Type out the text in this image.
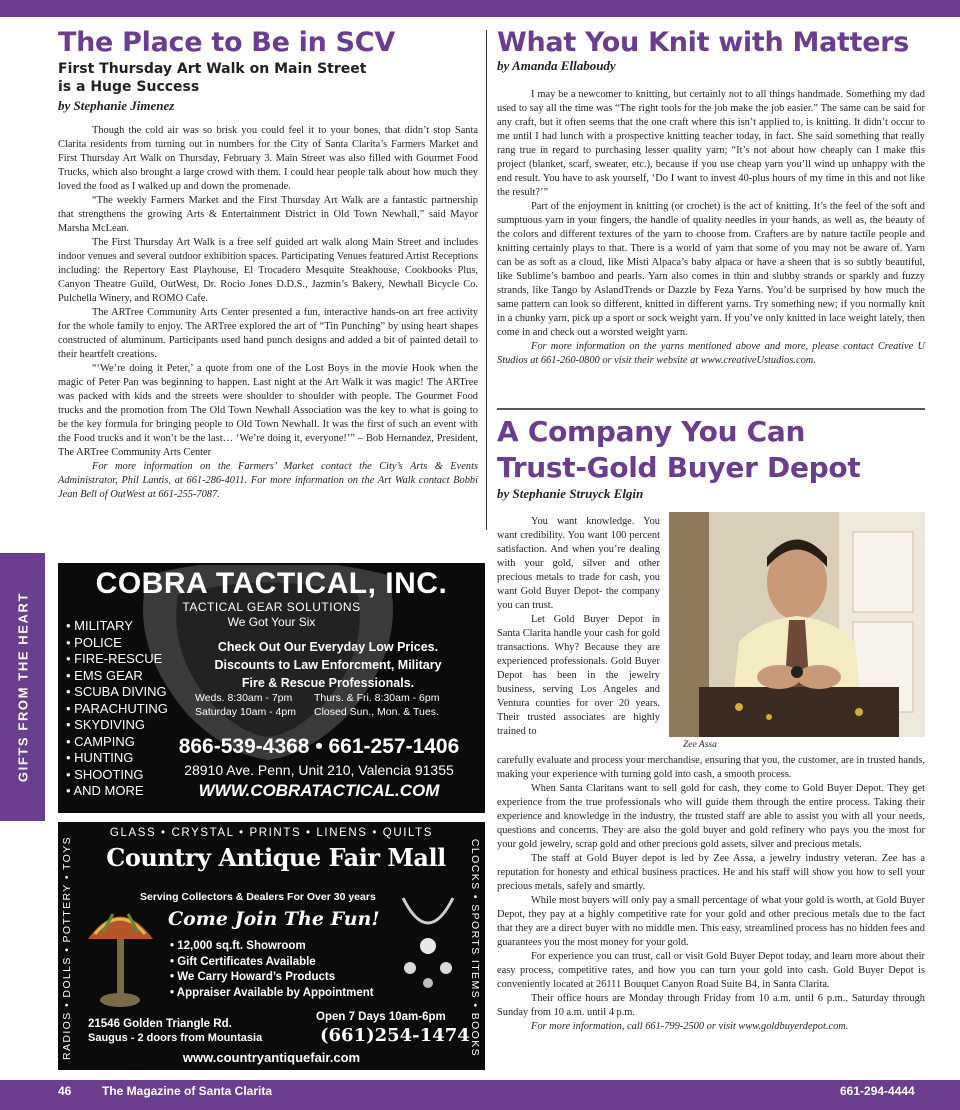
GIFTS FROM THE HEART
The Place to Be in SCV
First Thursday Art Walk on Main Street
is a Huge Success
by Stephanie Jimenez

Though the cold air was so brisk you could feel it to your bones, that didn’t stop Santa Clarita residents from turning out in numbers for the City of Santa Clarita’s Farmers Market and First Thursday Art Walk on Thursday, February 3. Main Street was also filled with Gourmet Food Trucks, which also brought a large crowd with them. I could hear people talk about how much they loved the food as I walked up and down the promenade.

“The weekly Farmers Market and the First Thursday Art Walk are a fantastic partnership that strengthens the growing Arts & Entertainment District in Old Town Newhall,” said Mayor Marsha McLean.

The First Thursday Art Walk is a free self guided art walk along Main Street and includes indoor venues and several outdoor exhibition spaces. Participating Venues featured Artist Receptions including: the Repertory East Playhouse, El Trocadero Mesquite Steakhouse, Cookbooks Plus, Canyon Theatre Guild, OutWest, Dr. Rocio Jones D.D.S., Jazmin’s Bakery, Newhall Bicycle Co. Pulchella Winery, and ROMO Cafe.

The ARTree Community Arts Center presented a fun, interactive hands-on art free activity for the whole family to enjoy. The ARTree explored the art of “Tin Punching” by using heart shapes constructed of aluminum. Participants used hand punch designs and added a bit of painted detail to their heartfelt creations.

“‘We’re doing it Peter,’ a quote from one of the Lost Boys in the movie Hook when the magic of Peter Pan was beginning to happen. Last night at the Art Walk it was magic! The ARTree was packed with kids and the streets were shoulder to shoulder with people. The Gourmet Food trucks and the promotion from The Old Town Newhall Association was the key to what is going to be the key formula for bringing people to Old Town Newhall. It was the first of such an event with the Food trucks and it won’t be the last… ‘We’re doing it, everyone!’” – Bob Hernandez, President, The ARTree Community Arts Center

For more information on the Farmers’ Market contact the City’s Arts & Events Administrator, Phil Lantis, at 661-286-4011. For more information on the Art Walk contact Bobbi Jean Bell of OutWest at 661-255-7087.

What You Knit with Matters
by Amanda Ellaboudy

I may be a newcomer to knitting, but certainly not to all things handmade. Something my dad used to say all the time was “The right tools for the job make the job easier.” The same can be said for any craft, but it often seems that the one craft where this isn’t applied to, is knitting. It didn’t occur to me until I had lunch with a prospective knitting teacher today, in fact. She said something that really rang true in regard to purchasing lesser quality yarn; “It’s not about how cheaply can I make this project (blanket, scarf, sweater, etc.), because if you use cheap yarn you’ll wind up unhappy with the end result. You have to ask yourself, ‘Do I want to invest 40-plus hours of my time in this and not like the result?’”

Part of the enjoyment in knitting (or crochet) is the act of knitting. It’s the feel of the soft and sumptuous yarn in your fingers, the handle of quality needles in your hands, as well as, the beauty of the colors and different textures of the yarn to choose from. Crafters are by nature tactile people and knitting certainly plays to that. There is a world of yarn that some of you may not be aware of. Yarn can be as soft as a cloud, like Misti Alpaca’s baby alpaca or have a sheen that is so subtly beautiful, like Sublime’s bamboo and pearls. Yarn also comes in thin and slubby strands or sparkly and fuzzy strands, like Tango by AslandTrends or Dazzle by Feza Yarns. You’d be surprised by how much the same pattern can look so different, knitted in different yarns. Try something new; if you normally knit in a chunky yarn, pick up a sport or sock weight yarn. If you’ve only knitted in lace weight lately, then come in and check out a worsted weight yarn.

For more information on the yarns mentioned above and more, please contact Creative U Studios at 661-260-0800 or visit their website at www.creativeUstudios.com.

A Company You Can
Trust-Gold Buyer Depot
by Stephanie Struyck Elgin
Zee Assa

You want knowledge. You want credibility. You want 100 percent satisfaction. And when you’re dealing with your gold, silver and other precious metals to trade for cash, you want Gold Buyer Depot- the company you can trust.

Let Gold Buyer Depot in Santa Clarita handle your cash for gold transactions. Why? Because they are experienced professionals. Gold Buyer Depot has been in the jewelry business, serving Los Angeles and Ventura counties for over 20 years. Their trusted associates are highly trained to

carefully evaluate and process your merchandise, ensuring that you, the customer, are in trusted hands, making your experience with turning gold into cash, a smooth process.

When Santa Claritans want to sell gold for cash, they come to Gold Buyer Depot. They get experience from the true professionals who will guide them through the entire process. Taking their experience and knowledge in the industry, the trusted staff are able to assist you with all your needs, questions and concerns. They are also the gold buyer and gold refinery who pays you the most for your gold jewelry, scrap gold and other precious gold assets, silver and precious metals.

The staff at Gold Buyer depot is led by Zee Assa, a jewelry industry veteran. Zee has a reputation for honesty and ethical business practices. He and his staff will show you how to sell your precious metals, safely and smartly.

While most buyers will only pay a small percentage of what your gold is worth, at Gold Buyer Depot, they pay at a highly competitive rate for your gold and other precious metals due to the fact that they are a direct buyer with no middle men. This easy, streamlined process has no hidden fees and guarantees you the most money for your gold.

For experience you can trust, call or visit Gold Buyer Depot today, and learn more about their easy process, competitive rates, and how you can turn your gold into cash. Gold Buyer Depot is conveniently located at 26111 Bouquet Canyon Road Suite B4, in Santa Clarita.

Their office hours are Monday through Friday from 10 a.m. until 6 p.m., Saturday through Sunday from 10 a.m. until 4 p.m.

For more information, call 661-799-2500 or visit www.goldbuyerdepot.com.

COBRA TACTICAL, INC.
TACTICAL GEAR SOLUTIONS
We Got Your Six
• MILITARY
• POLICE
• FIRE-RESCUE
• EMS GEAR
• SCUBA DIVING
• PARACHUTING
• SKYDIVING
• CAMPING
• HUNTING
• SHOOTING
• AND MORE
Check Out Our Everyday Low Prices.
Discounts to Law Enforcment, Military
Fire & Rescue Professionals.
Weds. 8:30am - 7pm Thurs. & Fri. 8:30am - 6pm
Saturday 10am - 4pm Closed Sun., Mon. & Tues.
866-539-4368 • 661-257-1406
28910 Ave. Penn, Unit 210, Valencia 91355
WWW.COBRATACTICAL.COM
GLASS • CRYSTAL • PRINTS • LINENS • QUILTS
RADIOS • DOLLS • POTTERY • TOYS	CLOCKS • SPORTS ITEMS • BOOKS
Country Antique Fair Mall
Serving Collectors & Dealers For Over 30 years
Come Join The Fun!
• 12,000 sq.ft. Showroom
• Gift Certificates Available
• We Carry Howard’s Products
• Appraiser Available by Appointment
21546 Golden Triangle Rd.
Saugus - 2 doors from Mountasia
Open 7 Days 10am-6pm
(661)254-1474
www.countryantiquefair.com
46	The Magazine of Santa Clarita	661-294-4444
